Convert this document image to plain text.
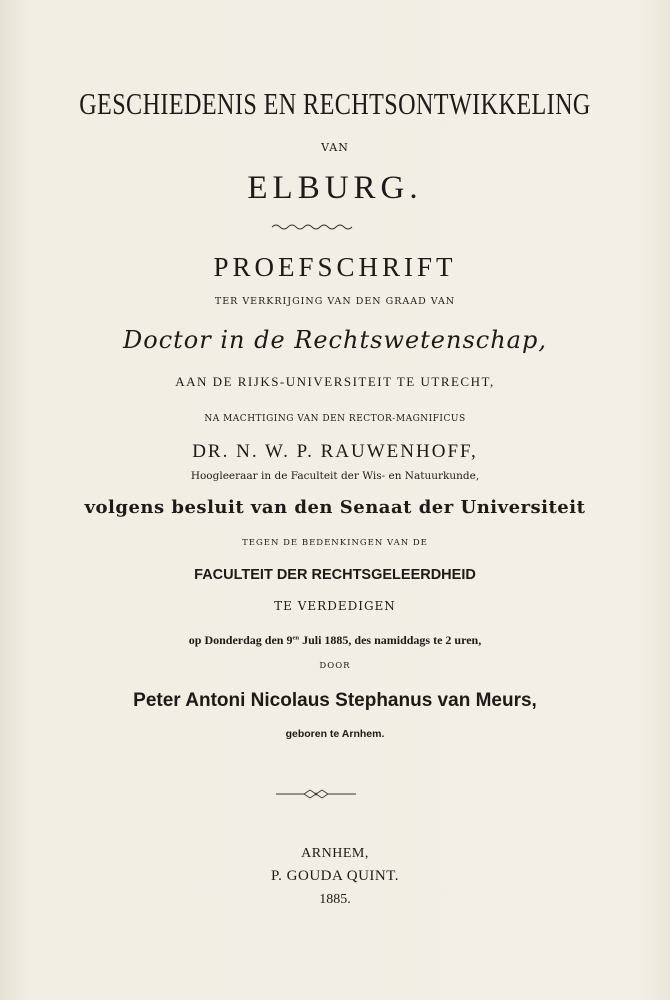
GESCHIEDENIS EN RECHTSONTWIKKELING
VAN
ELBURG.
PROEFSCHRIFT
TER VERKRIJGING VAN DEN GRAAD VAN
Doctor in de Rechtswetenschap,
AAN DE RIJKS-UNIVERSITEIT TE UTRECHT,
NA MACHTIGING VAN DEN RECTOR-MAGNIFICUS
DR. N. W. P. RAUWENHOFF,
Hoogleeraar in de Faculteit der Wis- en Natuurkunde,
volgens besluit van den Senaat der Universiteit
TEGEN DE BEDENKINGEN VAN DE
FACULTEIT DER RECHTSGELEERDHEID
TE VERDEDIGEN
op Donderdag den $9^{en}$ Juli 1885, des namiddags te 2 uren,
DOOR
Peter Antoni Nicolaus Stephanus van Meurs,
geboren te Arnhem.
ARNHEM,
P. GOUDA QUINT.
1885.
